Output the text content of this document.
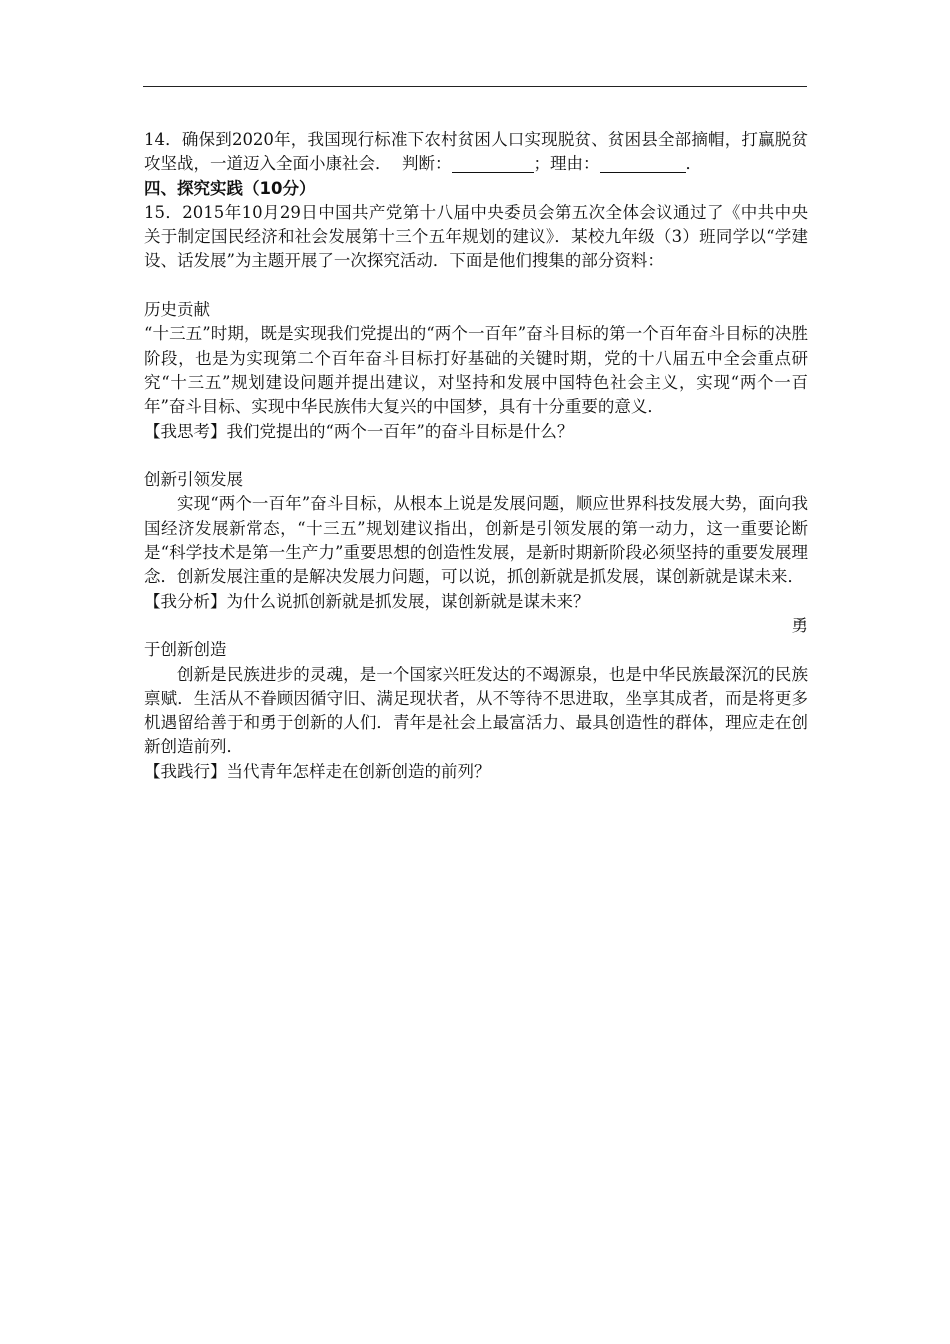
14．确保到2020年，我国现行标准下农村贫困人口实现脱贫、贫困县全部摘帽，打赢脱贫攻坚战，一道迈入全面小康社会． 判断：	；理由：	．

四、探究实践（10分）

15．2015年10月29日中国共产党第十八届中央委员会第五次全体会议通过了《中共中央关于制定国民经济和社会发展第十三个五年规划的建议》．某校九年级（3）班同学以“学建设、话发展”为主题开展了一次探究活动．下面是他们搜集的部分资料：

历史贡献

“十三五”时期，既是实现我们党提出的“两个一百年”奋斗目标的第一个百年奋斗目标的决胜阶段，也是为实现第二个百年奋斗目标打好基础的关键时期，党的十八届五中全会重点研究“十三五”规划建设问题并提出建议，对坚持和发展中国特色社会主义，实现“两个一百年”奋斗目标、实现中华民族伟大复兴的中国梦，具有十分重要的意义．

【我思考】我们党提出的“两个一百年”的奋斗目标是什么？

创新引领发展

实现“两个一百年”奋斗目标，从根本上说是发展问题，顺应世界科技发展大势，面向我国经济发展新常态，“十三五”规划建议指出，创新是引领发展的第一动力，这一重要论断是“科学技术是第一生产力”重要思想的创造性发展，是新时期新阶段必须坚持的重要发展理念．创新发展注重的是解决发展力问题，可以说，抓创新就是抓发展，谋创新就是谋未来．

【我分析】为什么说抓创新就是抓发展，谋创新就是谋未来？

勇

于创新创造

创新是民族进步的灵魂，是一个国家兴旺发达的不竭源泉，也是中华民族最深沉的民族禀赋．生活从不眷顾因循守旧、满足现状者，从不等待不思进取，坐享其成者，而是将更多机遇留给善于和勇于创新的人们．青年是社会上最富活力、最具创造性的群体，理应走在创新创造前列．

【我践行】当代青年怎样走在创新创造的前列？
